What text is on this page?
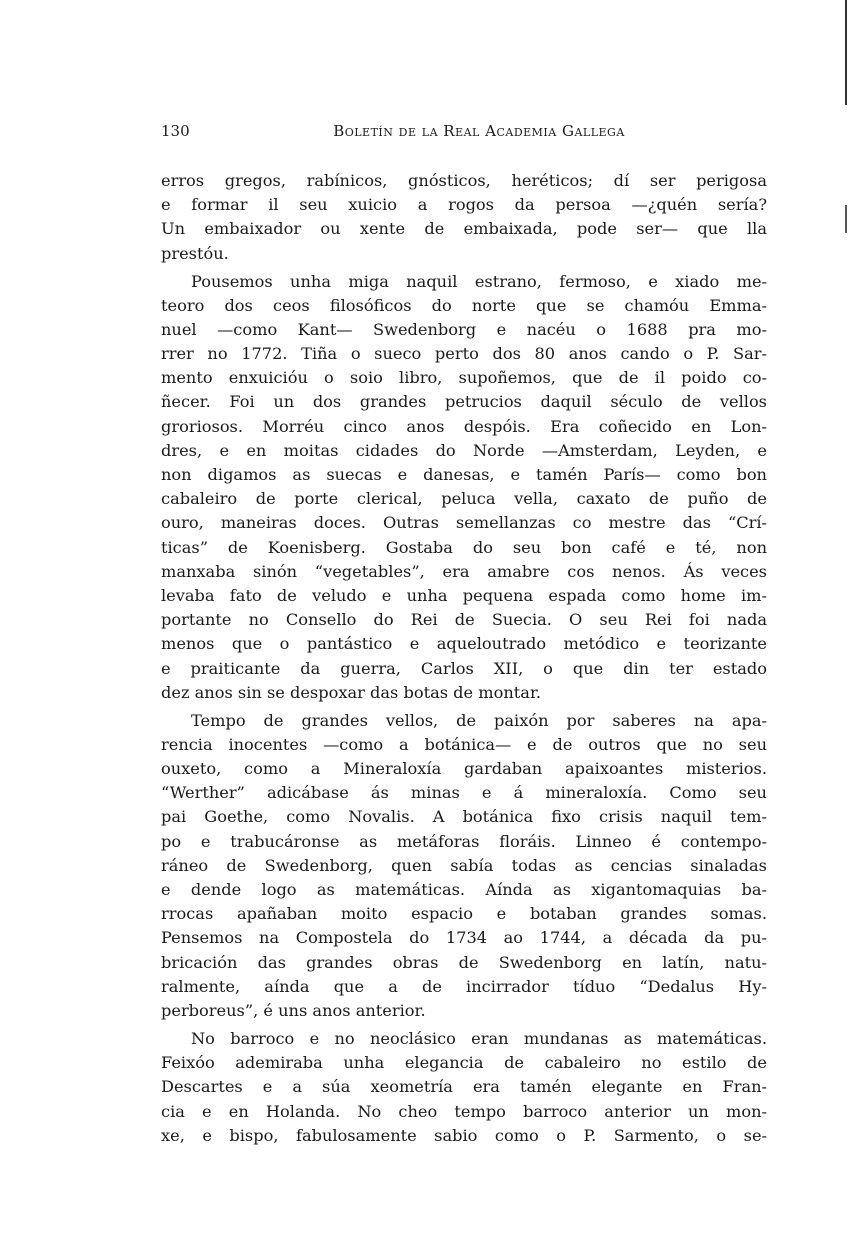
130	Boletín de la Real Academia Gallega
erros gregos, rabínicos, gnósticos, heréticos; dí ser perigosa
e formar il seu xuicio a rogos da persoa —¿quén sería?
Un embaixador ou xente de embaixada, pode ser— que lla
prestóu.
Pousemos unha miga naquil estrano, fermoso, e xiado me-
teoro dos ceos filosóficos do norte que se chamóu Emma-
nuel —como Kant— Swedenborg e nacéu o 1688 pra mo-
rrer no 1772. Tiña o sueco perto dos 80 anos cando o P. Sar-
mento enxuicióu o soio libro, supoñemos, que de il poido co-
ñecer. Foi un dos grandes petrucios daquil século de vellos
groriosos. Morréu cinco anos despóis. Era coñecido en Lon-
dres, e en moitas cidades do Norde —Amsterdam, Leyden, e
non digamos as suecas e danesas, e tamén París— como bon
cabaleiro de porte clerical, peluca vella, caxato de puño de
ouro, maneiras doces. Outras semellanzas co mestre das “Crí-
ticas” de Koenisberg. Gostaba do seu bon café e té, non
manxaba sinón “vegetables”, era amabre cos nenos. Ás veces
levaba fato de veludo e unha pequena espada como home im-
portante no Consello do Rei de Suecia. O seu Rei foi nada
menos que o pantástico e aqueloutrado metódico e teorizante
e praiticante da guerra, Carlos XII, o que din ter estado
dez anos sin se despoxar das botas de montar.
Tempo de grandes vellos, de paixón por saberes na apa-
rencia inocentes —como a botánica— e de outros que no seu
ouxeto, como a Mineraloxía gardaban apaixoantes misterios.
“Werther” adicábase ás minas e á mineraloxía. Como seu
pai Goethe, como Novalis. A botánica fixo crisis naquil tem-
po e trabucáronse as metáforas floráis. Linneo é contempo-
ráneo de Swedenborg, quen sabía todas as cencias sinaladas
e dende logo as matemáticas. Aínda as xigantomaquias ba-
rrocas apañaban moito espacio e botaban grandes somas.
Pensemos na Compostela do 1734 ao 1744, a década da pu-
bricación das grandes obras de Swedenborg en latín, natu-
ralmente, aínda que a de incirrador tíduo “Dedalus Hy-
perboreus”, é uns anos anterior.
No barroco e no neoclásico eran mundanas as matemáticas.
Feixóo ademiraba unha elegancia de cabaleiro no estilo de
Descartes e a súa xeometría era tamén elegante en Fran-
cia e en Holanda. No cheo tempo barroco anterior un mon-
xe, e bispo, fabulosamente sabio como o P. Sarmento, o se-
